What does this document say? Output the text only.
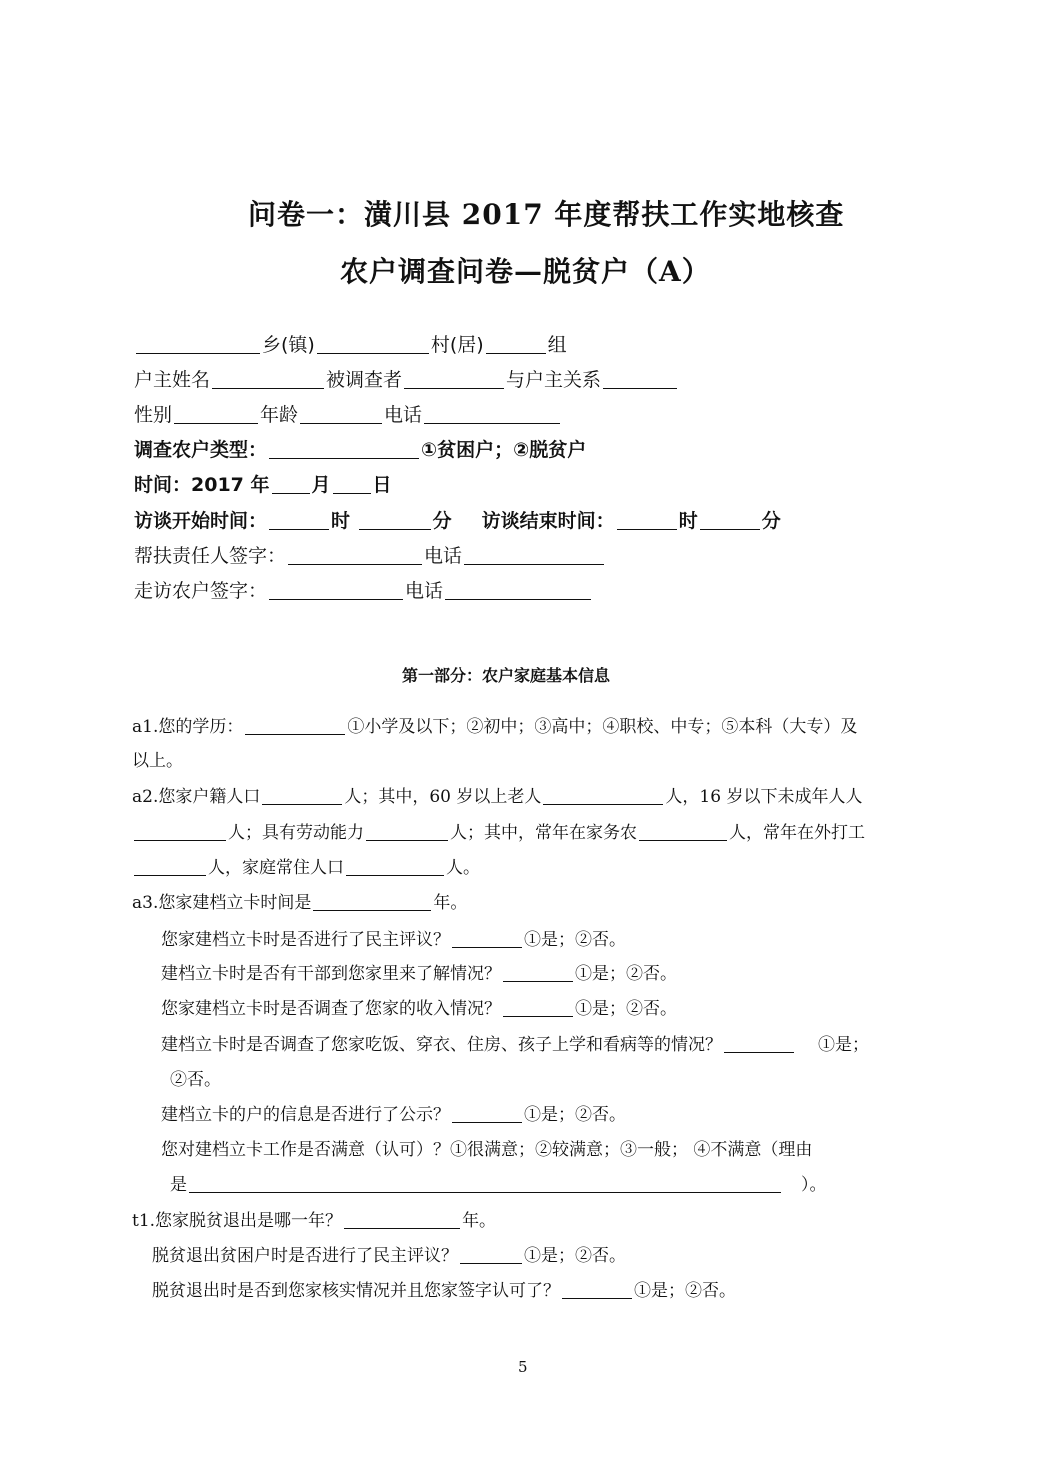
问卷一：潢川县 2017 年度帮扶工作实地核查
农户调查问卷—脱贫户（A）
乡(镇)	村(居)	组
户主姓名	被调查者	与户主关系
性别	年龄	电话
调查农户类型：	①贫困户；②脱贫户
时间：2017 年 月 日
访谈开始时间：	时	分 访谈结束时间：	时	分
帮扶责任人签字：	电话
走访农户签字：	电话
第一部分：农户家庭基本信息
a1.您的学历：	①小学及以下；②初中；③高中；④职校、中专；⑤本科（大专）及
以上。
a2.您家户籍人口	人；其中，60 岁以上老人	人，16 岁以下未成年人人
人；具有劳动能力	人；其中，常年在家务农	人，常年在外打工
人，家庭常住人口	人。
a3.您家建档立卡时间是	年。
您家建档立卡时是否进行了民主评议？	①是；②否。
建档立卡时是否有干部到您家里来了解情况？	①是；②否。
您家建档立卡时是否调查了您家的收入情况？	①是；②否。
建档立卡时是否调查了您家吃饭、穿衣、住房、孩子上学和看病等的情况？	①是；
②否。
建档立卡的户的信息是否进行了公示？	①是；②否。
您对建档立卡工作是否满意（认可）？①很满意；②较满意；③一般； ④不满意（理由
是	）。
t1.您家脱贫退出是哪一年？	年。
脱贫退出贫困户时是否进行了民主评议？	①是；②否。
脱贫退出时是否到您家核实情况并且您家签字认可了？	①是；②否。
5
